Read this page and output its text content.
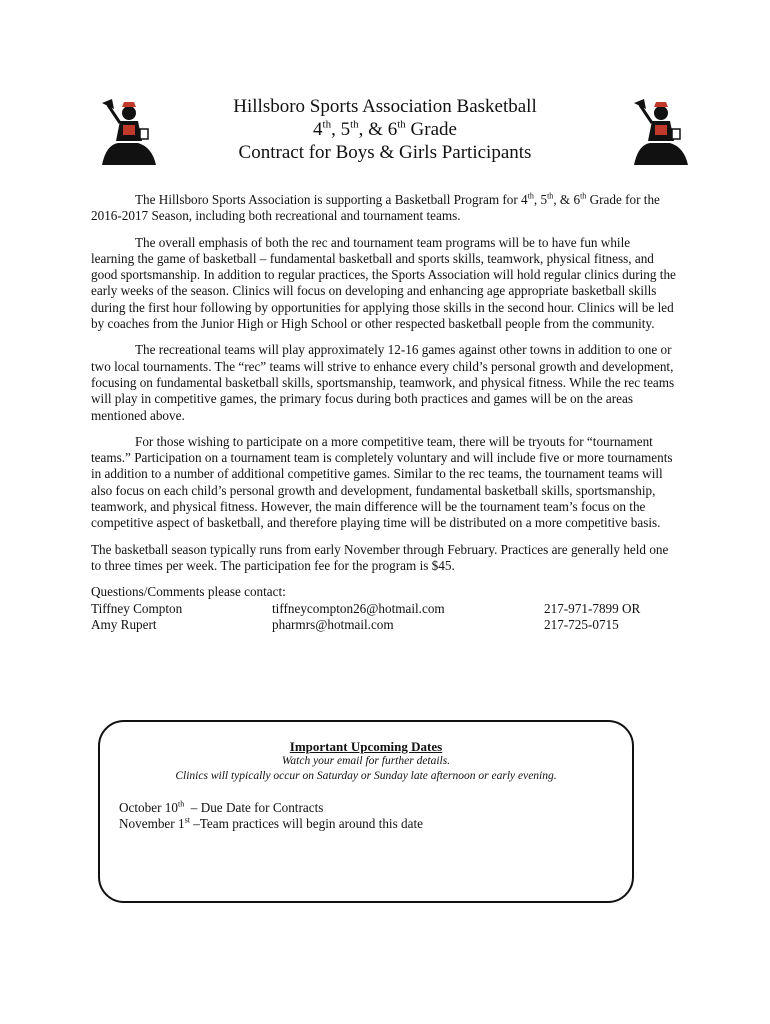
Hillsboro Sports Association Basketball
4th, 5th, & 6th Grade
Contract for Boys & Girls Participants

The Hillsboro Sports Association is supporting a Basketball Program for 4th, 5th, & 6th Grade for the 2016-2017 Season, including both recreational and tournament teams.

The overall emphasis of both the rec and tournament team programs will be to have fun while learning the game of basketball – fundamental basketball and sports skills, teamwork, physical fitness, and good sportsmanship. In addition to regular practices, the Sports Association will hold regular clinics during the early weeks of the season. Clinics will focus on developing and enhancing age appropriate basketball skills during the first hour following by opportunities for applying those skills in the second hour. Clinics will be led by coaches from the Junior High or High School or other respected basketball people from the community.

The recreational teams will play approximately 12-16 games against other towns in addition to one or two local tournaments. The “rec” teams will strive to enhance every child’s personal growth and development, focusing on fundamental basketball skills, sportsmanship, teamwork, and physical fitness. While the rec teams will play in competitive games, the primary focus during both practices and games will be on the areas mentioned above.

For those wishing to participate on a more competitive team, there will be tryouts for “tournament teams.” Participation on a tournament team is completely voluntary and will include five or more tournaments in addition to a number of additional competitive games. Similar to the rec teams, the tournament teams will also focus on each child’s personal growth and development, fundamental basketball skills, sportsmanship, teamwork, and physical fitness. However, the main difference will be the tournament team’s focus on the competitive aspect of basketball, and therefore playing time will be distributed on a more competitive basis.

The basketball season typically runs from early November through February. Practices are generally held one to three times per week. The participation fee for the program is $45.

Questions/Comments please contact:
Tiffney Compton	tiffneycompton26@hotmail.com	217-971-7899 OR
Amy Rupert	pharmrs@hotmail.com	217-725-0715
Important Upcoming Dates
Watch your email for further details.
Clinics will typically occur on Saturday or Sunday late afternoon or early evening.
October 10th  – Due Date for Contracts
November 1st –Team practices will begin around this date
